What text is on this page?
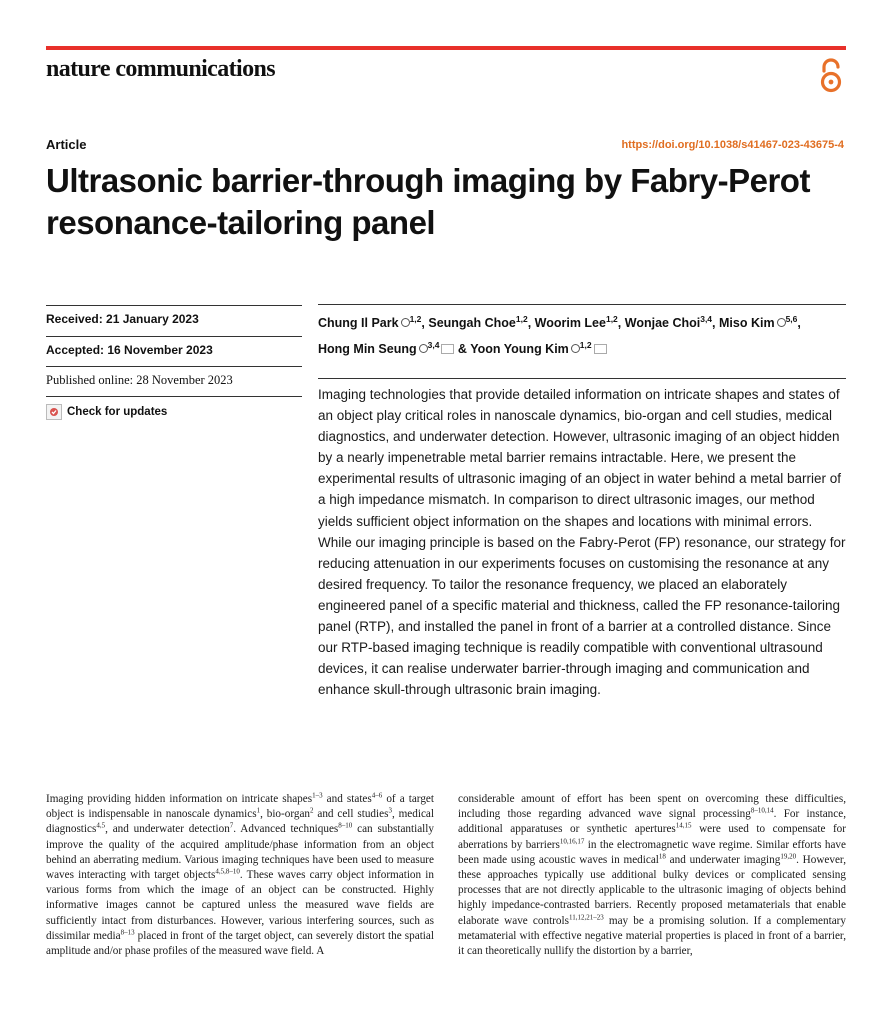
nature communications
Article	https://doi.org/10.1038/s41467-023-43675-4
Ultrasonic barrier-through imaging by Fabry-Perot resonance-tailoring panel
Received: 21 January 2023
Accepted: 16 November 2023
Published online: 28 November 2023
Check for updates
Chung Il Park $^{1,2}$, Seungah Choe$^{1,2}$, Woorim Lee$^{1,2}$, Wonjae Choi$^{3,4}$, Miso Kim $^{5,6}$, Hong Min Seung $^{3,4}$ & Yoon Young Kim $^{1,2}$

Imaging technologies that provide detailed information on intricate shapes and states of an object play critical roles in nanoscale dynamics, bio-organ and cell studies, medical diagnostics, and underwater detection. However, ultrasonic imaging of an object hidden by a nearly impenetrable metal barrier remains intractable. Here, we present the experimental results of ultrasonic imaging of an object in water behind a metal barrier of a high impedance mismatch. In comparison to direct ultrasonic images, our method yields sufficient object information on the shapes and locations with minimal errors. While our imaging principle is based on the Fabry-Perot (FP) resonance, our strategy for reducing attenuation in our experiments focuses on customising the resonance at any desired frequency. To tailor the resonance frequency, we placed an elaborately engineered panel of a specific material and thickness, called the FP resonance-tailoring panel (RTP), and installed the panel in front of a barrier at a controlled distance. Since our RTP-based imaging technique is readily compatible with conventional ultrasound devices, it can realise underwater barrier-through imaging and communication and enhance skull-through ultrasonic brain imaging.

Imaging providing hidden information on intricate shapes$^{1-3}$ and states$^{4-6}$ of a target object is indispensable in nanoscale dynamics$^1$, bio-organ$^2$ and cell studies$^3$, medical diagnostics$^{4,5}$, and underwater detection$^7$. Advanced techniques$^{8-10}$ can substantially improve the quality of the acquired amplitude/phase information from an object behind an aberrating medium. Various imaging techniques have been used to measure waves interacting with target objects$^{4,5,8-10}$. These waves carry object information in various forms from which the image of an object can be constructed. Highly informative images cannot be captured unless the measured wave fields are sufficiently intact from disturbances. However, various interfering sources, such as dissimilar media$^{8-13}$ placed in front of the target object, can severely distort the spatial amplitude and/or phase profiles of the measured wave field. A

considerable amount of effort has been spent on overcoming these difficulties, including those regarding advanced wave signal processing$^{8-10,14}$. For instance, additional apparatuses or synthetic apertures$^{14,15}$ were used to compensate for aberrations by barriers$^{10,16,17}$ in the electromagnetic wave regime. Similar efforts have been made using acoustic waves in medical$^{18}$ and underwater imaging$^{19,20}$. However, these approaches typically use additional bulky devices or complicated sensing processes that are not directly applicable to the ultrasonic imaging of objects behind highly impedance-contrasted barriers. Recently proposed metamaterials that enable elaborate wave controls$^{11,12,21-23}$ may be a promising solution. If a complementary metamaterial with effective negative material properties is placed in front of a barrier, it can theoretically nullify the distortion by a barrier,
